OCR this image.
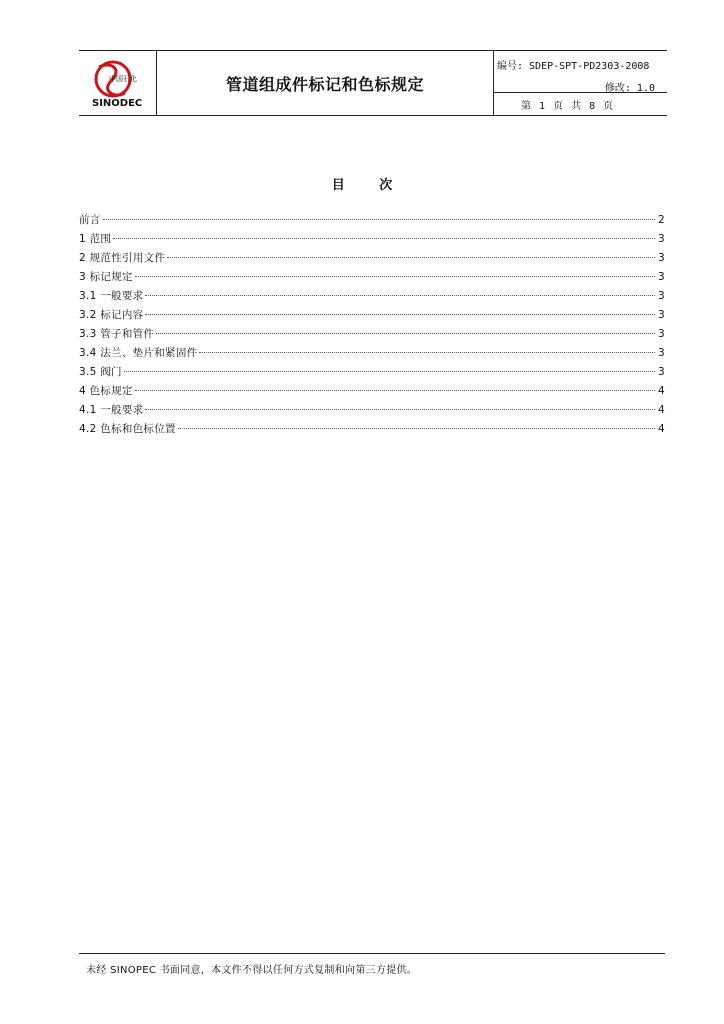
中国石化
SINODEC
管道组成件标记和色标规定
编号: SDEP-SPT-PD2303-2008
修改: 1.0
第 1 页 共 8 页
目 次
前言	2
1 范围	3
2 规范性引用文件	3
3 标记规定	3
3.1 一般要求	3
3.2 标记内容	3
3.3 管子和管件	3
3.4 法兰、垫片和紧固件	3
3.5 阀门	3
4 色标规定	4
4.1 一般要求	4
4.2 色标和色标位置	4
未经 SINOPEC 书面同意，本文件不得以任何方式复制和向第三方提供。
